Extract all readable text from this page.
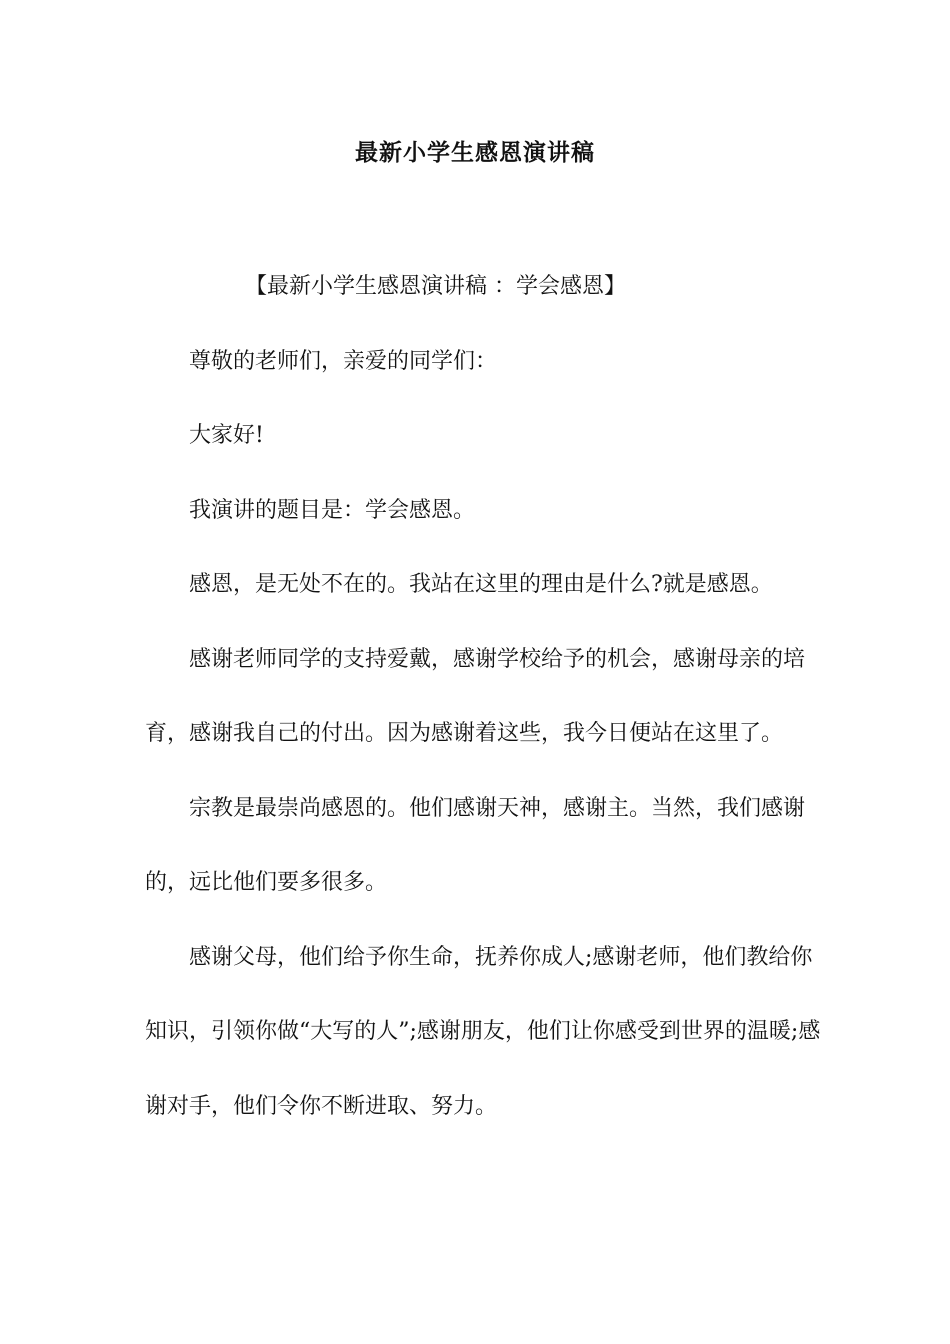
最新小学生感恩演讲稿

【最新小学生感恩演讲稿 ：学会感恩】

尊敬的老师们，亲爱的同学们：

大家好!

我演讲的题目是：学会感恩。

感恩，是无处不在的。我站在这里的理由是什么?就是感恩。

感谢老师同学的支持爱戴，感谢学校给予的机会，感谢母亲的培育，感谢我自己的付出。因为感谢着这些，我今日便站在这里了。

宗教是最崇尚感恩的。他们感谢天神，感谢主。当然，我们感谢的，远比他们要多很多。

感谢父母，他们给予你生命，抚养你成人;感谢老师，他们教给你知识，引领你做“大写的人”;感谢朋友，他们让你感受到世界的温暖;感谢对手，他们令你不断进取、努力。
